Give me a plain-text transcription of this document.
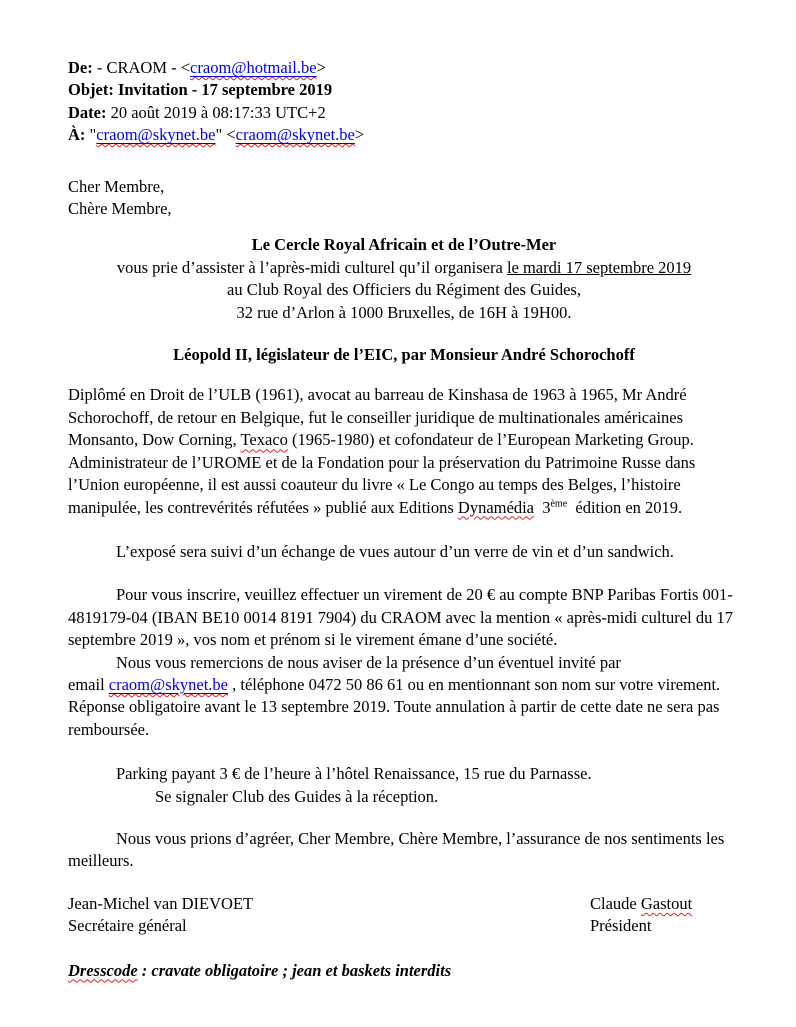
De: - CRAOM - <craom@hotmail.be>
Objet: Invitation - 17 septembre 2019
Date: 20 août 2019 à 08:17:33 UTC+2
À: "craom@skynet.be" <craom@skynet.be>
Cher Membre,
Chère Membre,
Le Cercle Royal Africain et de l’Outre-Mer
vous prie d’assister à l’après-midi culturel qu’il organisera le mardi 17 septembre 2019
au Club Royal des Officiers du Régiment des Guides,
32 rue d’Arlon à 1000 Bruxelles, de 16H à 19H00.
Léopold II, législateur de l’EIC, par Monsieur André Schorochoff
Diplômé en Droit de l’ULB (1961), avocat au barreau de Kinshasa de 1963 à 1965, Mr André
Schorochoff, de retour en Belgique, fut le conseiller juridique de multinationales américaines
Monsanto, Dow Corning, Texaco (1965-1980) et cofondateur de l’European Marketing Group.
Administrateur de l’UROME et de la Fondation pour la préservation du Patrimoine Russe dans
l’Union européenne, il est aussi coauteur du livre « Le Congo au temps des Belges, l’histoire
manipulée, les contrevérités réfutées » publié aux Editions Dynamédia  3ème  édition en 2019.
L’exposé sera suivi d’un échange de vues autour d’un verre de vin et d’un sandwich.
Pour vous inscrire, veuillez effectuer un virement de 20 € au compte BNP Paribas Fortis 001-
4819179-04 (IBAN BE10 0014 8191 7904) du CRAOM avec la mention « après-midi culturel du 17
septembre 2019 », vos nom et prénom si le virement émane d’une société.
Nous vous remercions de nous aviser de la présence d’un éventuel invité par
email craom@skynet.be , téléphone 0472 50 86 61 ou en mentionnant son nom sur votre virement.
Réponse obligatoire avant le 13 septembre 2019. Toute annulation à partir de cette date ne sera pas
remboursée.
Parking payant 3 € de l’heure à l’hôtel Renaissance, 15 rue du Parnasse.
Se signaler Club des Guides à la réception.
Nous vous prions d’agréer, Cher Membre, Chère Membre, l’assurance de nos sentiments les
meilleurs.
Jean-Michel van DIEVOET	Claude Gastout
Secrétaire général	Président
Dresscode : cravate obligatoire ; jean et baskets interdits
